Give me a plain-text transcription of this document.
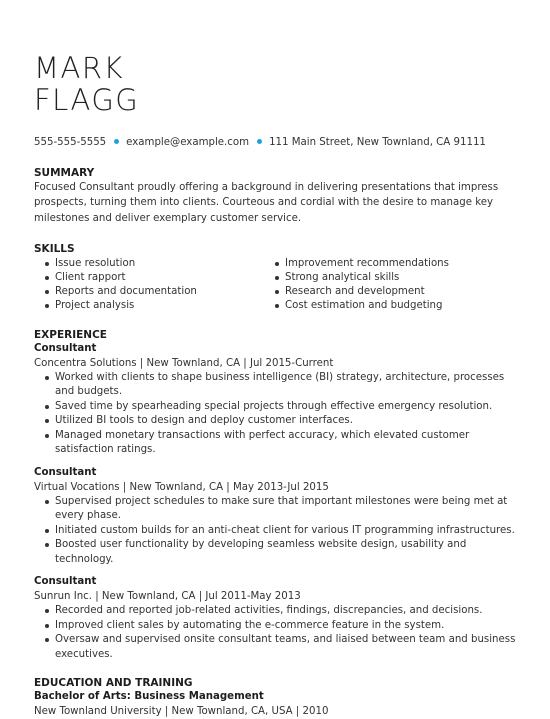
MARK
FLAGG
555-555-5555 example@example.com 111 Main Street, New Townland, CA 91111
SUMMARY

Focused Consultant proudly offering a background in delivering presentations that impress prospects, turning them into clients. Courteous and cordial with the desire to manage key milestones and deliver exemplary customer service.

SKILLS
Issue resolution
Client rapport
Reports and documentation
Project analysis
Improvement recommendations
Strong analytical skills
Research and development
Cost estimation and budgeting
EXPERIENCE

Consultant

Concentra Solutions | New Townland, CA | Jul 2015-Current

Worked with clients to shape business intelligence (BI) strategy, architecture, processes and budgets.
Saved time by spearheading special projects through effective emergency resolution.
Utilized BI tools to design and deploy customer interfaces.
Managed monetary transactions with perfect accuracy, which elevated customer satisfaction ratings.

Consultant

Virtual Vocations | New Townland, CA | May 2013-Jul 2015

Supervised project schedules to make sure that important milestones were being met at every phase.
Initiated custom builds for an anti-cheat client for various IT programming infrastructures.
Boosted user functionality by developing seamless website design, usability and technology.

Consultant

Sunrun Inc. | New Townland, CA | Jul 2011-May 2013

Recorded and reported job-related activities, findings, discrepancies, and decisions.
Improved client sales by automating the e-commerce feature in the system.
Oversaw and supervised onsite consultant teams, and liaised between team and business executives.
EDUCATION AND TRAINING

Bachelor of Arts: Business Management

New Townland University | New Townland, CA, USA | 2010
